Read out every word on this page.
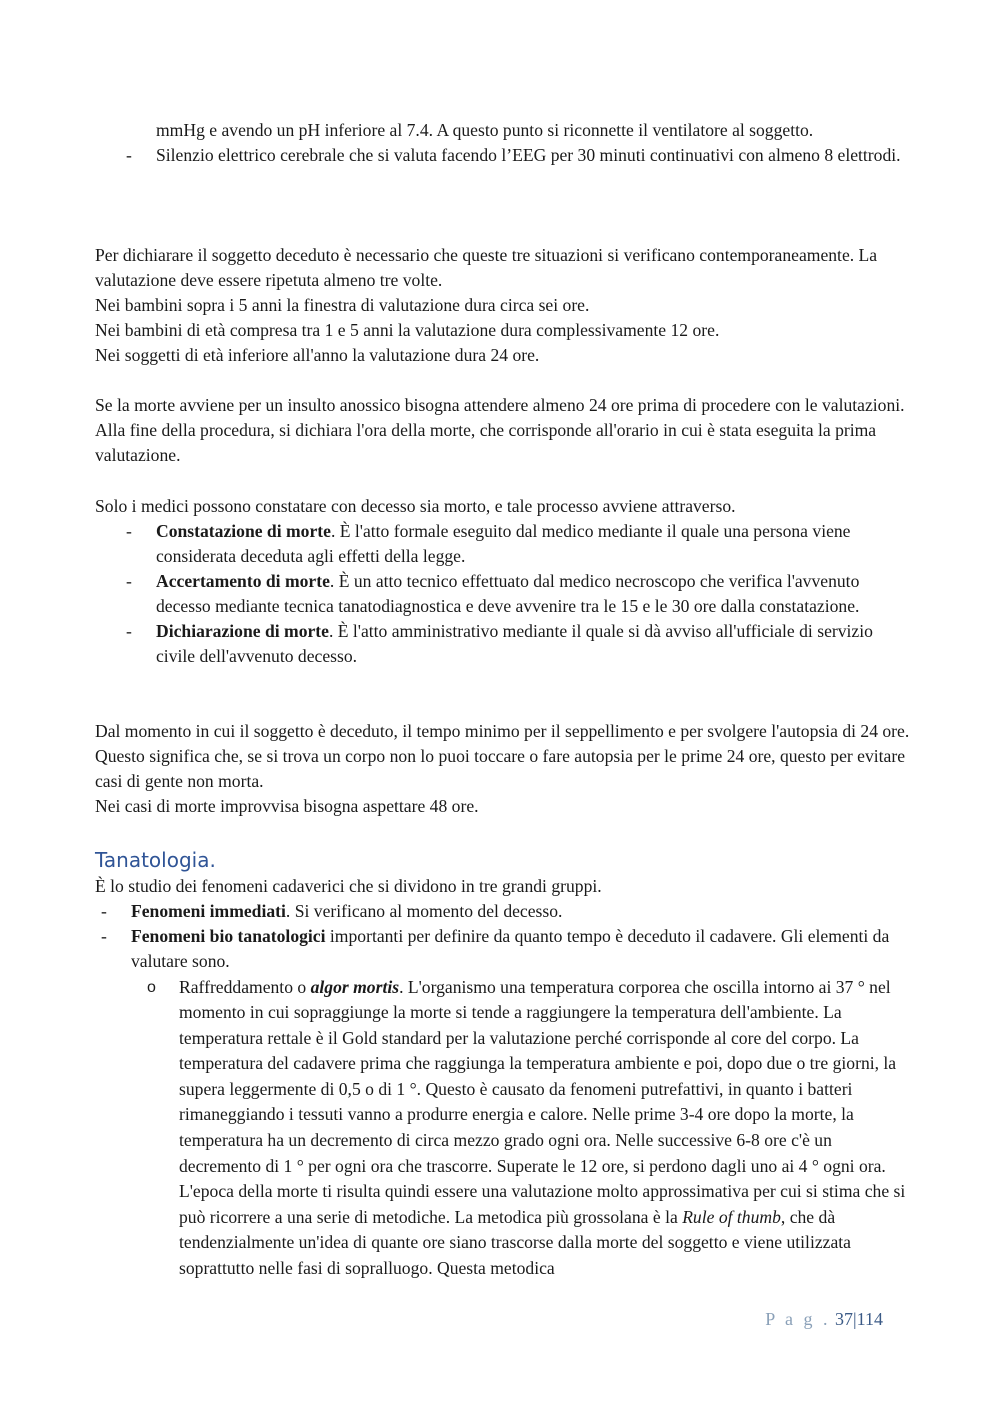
mmHg e avendo un pH inferiore al 7.4. A questo punto si riconnette il ventilatore al soggetto.

- Silenzio elettrico cerebrale che si valuta facendo l’EEG per 30 minuti continuativi con almeno 8 elettrodi.

Per dichiarare il soggetto deceduto è necessario che queste tre situazioni si verificano contemporaneamente. La valutazione deve essere ripetuta almeno tre volte.

Nei bambini sopra i 5 anni la finestra di valutazione dura circa sei ore.

Nei bambini di età compresa tra 1 e 5 anni la valutazione dura complessivamente 12 ore.

Nei soggetti di età inferiore all'anno la valutazione dura 24 ore.

Se la morte avviene per un insulto anossico bisogna attendere almeno 24 ore prima di procedere con le valutazioni. Alla fine della procedura, si dichiara l'ora della morte, che corrisponde all'orario in cui è stata eseguita la prima valutazione.

Solo i medici possono constatare con decesso sia morto, e tale processo avviene attraverso.

- Constatazione di morte. È l'atto formale eseguito dal medico mediante il quale una persona viene considerata deceduta agli effetti della legge.
- Accertamento di morte. È un atto tecnico effettuato dal medico necroscopo che verifica l'avvenuto decesso mediante tecnica tanatodiagnostica e deve avvenire tra le 15 e le 30 ore dalla constatazione.
- Dichiarazione di morte. È l'atto amministrativo mediante il quale si dà avviso all'ufficiale di servizio civile dell'avvenuto decesso.

Dal momento in cui il soggetto è deceduto, il tempo minimo per il seppellimento e per svolgere l'autopsia di 24 ore. Questo significa che, se si trova un corpo non lo puoi toccare o fare autopsia per le prime 24 ore, questo per evitare casi di gente non morta.

Nei casi di morte improvvisa bisogna aspettare 48 ore.

Tanatologia.

È lo studio dei fenomeni cadaverici che si dividono in tre grandi gruppi.

- Fenomeni immediati. Si verificano al momento del decesso.
- Fenomeni bio tanatologici importanti per definire da quanto tempo è deceduto il cadavere. Gli elementi da valutare sono.
o Raffreddamento o algor mortis. L'organismo una temperatura corporea che oscilla intorno ai 37 ° nel momento in cui sopraggiunge la morte si tende a raggiungere la temperatura dell'ambiente. La temperatura rettale è il Gold standard per la valutazione perché corrisponde al core del corpo. La temperatura del cadavere prima che raggiunga la temperatura ambiente e poi, dopo due o tre giorni, la supera leggermente di 0,5 o di 1 °. Questo è causato da fenomeni putrefattivi, in quanto i batteri rimaneggiando i tessuti vanno a produrre energia e calore. Nelle prime 3-4 ore dopo la morte, la temperatura ha un decremento di circa mezzo grado ogni ora. Nelle successive 6-8 ore c'è un decremento di 1 ° per ogni ora che trascorre. Superate le 12 ore, si perdono dagli uno ai 4 ° ogni ora. L'epoca della morte ti risulta quindi essere una valutazione molto approssimativa per cui si stima che si può ricorrere a una serie di metodiche. La metodica più grossolana è la Rule of thumb, che dà tendenzialmente un'idea di quante ore siano trascorse dalla morte del soggetto e viene utilizzata soprattutto nelle fasi di sopralluogo. Questa metodica
P a g . 37|114
